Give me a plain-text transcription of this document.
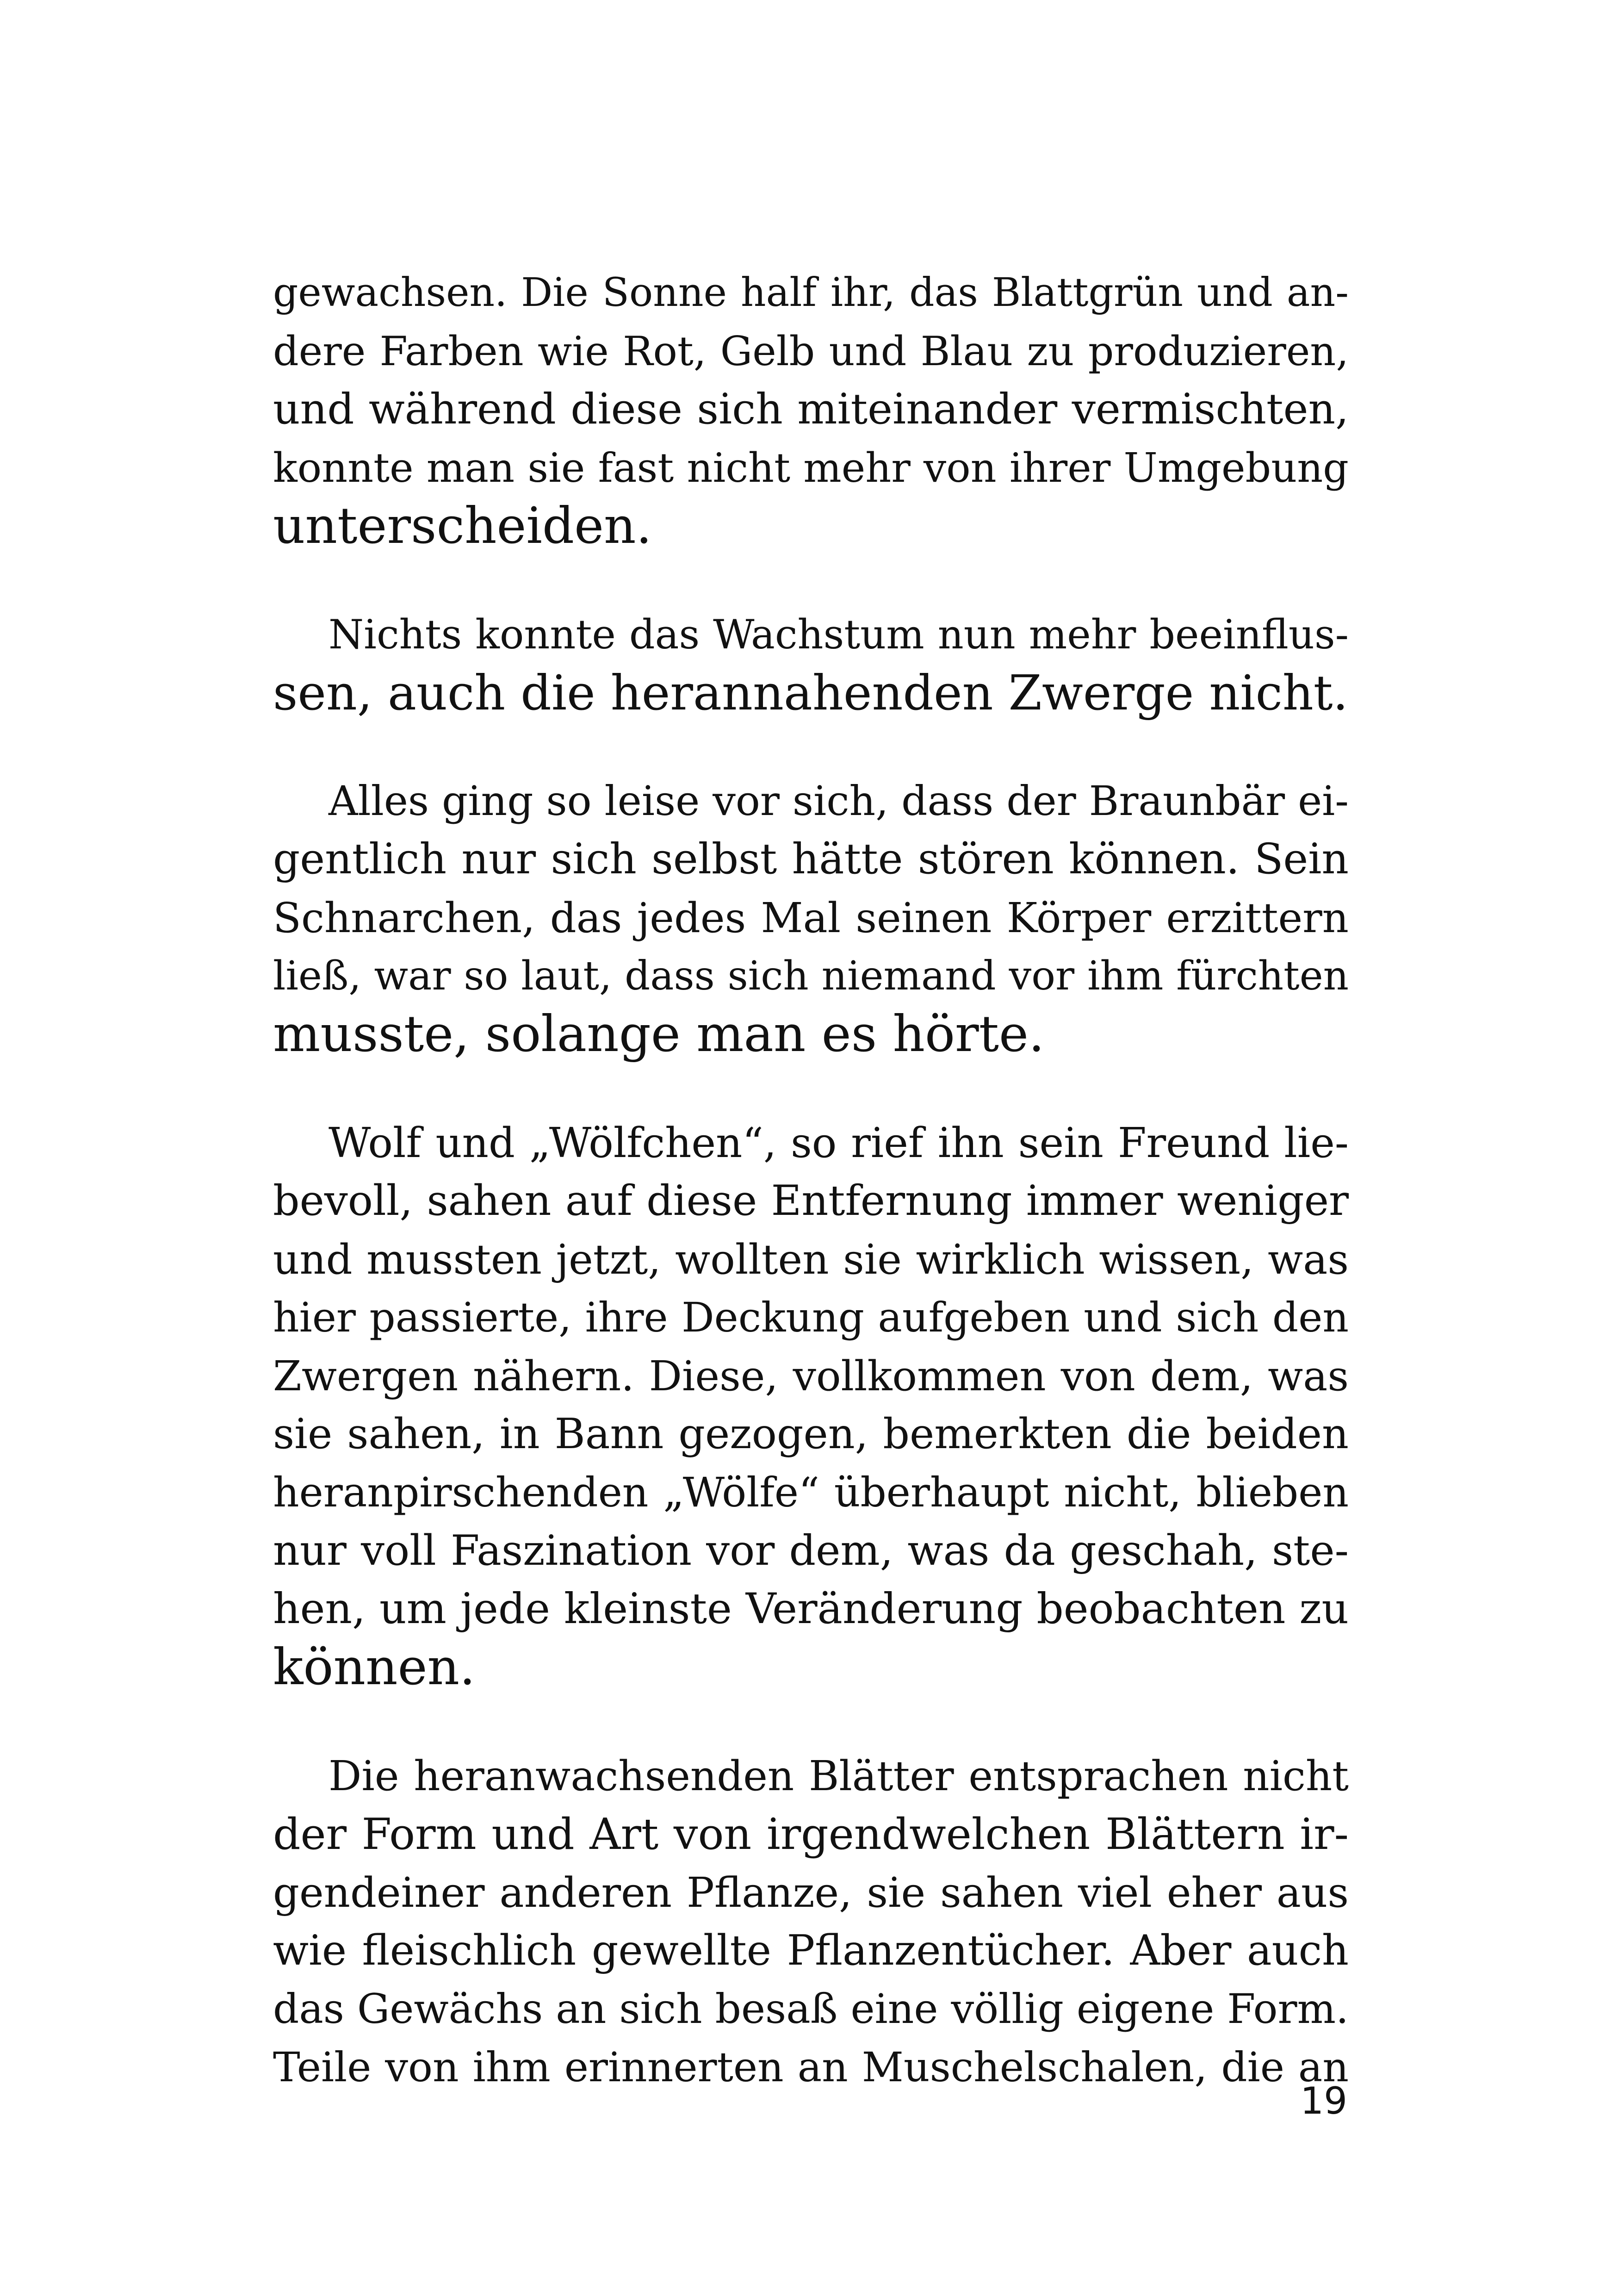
gewachsen. Die Sonne half ihr, das Blattgrün und an-
dere Farben wie Rot, Gelb und Blau zu produzieren,
und während diese sich miteinander vermischten,
konnte man sie fast nicht mehr von ihrer Umgebung
unterscheiden.
Nichts konnte das Wachstum nun mehr beeinflus-
sen, auch die herannahenden Zwerge nicht.
Alles ging so leise vor sich, dass der Braunbär ei-
gentlich nur sich selbst hätte stören können. Sein
Schnarchen, das jedes Mal seinen Körper erzittern
ließ, war so laut, dass sich niemand vor ihm fürchten
musste, solange man es hörte.
Wolf und „Wölfchen“, so rief ihn sein Freund lie-
bevoll, sahen auf diese Entfernung immer weniger
und mussten jetzt, wollten sie wirklich wissen, was
hier passierte, ihre Deckung aufgeben und sich den
Zwergen nähern. Diese, vollkommen von dem, was
sie sahen, in Bann gezogen, bemerkten die beiden
heranpirschenden „Wölfe“ überhaupt nicht, blieben
nur voll Faszination vor dem, was da geschah, ste-
hen, um jede kleinste Veränderung beobachten zu
können.
Die heranwachsenden Blätter entsprachen nicht
der Form und Art von irgendwelchen Blättern ir-
gendeiner anderen Pflanze, sie sahen viel eher aus
wie fleischlich gewellte Pflanzentücher. Aber auch
das Gewächs an sich besaß eine völlig eigene Form.
Teile von ihm erinnerten an Muschelschalen, die an
19
